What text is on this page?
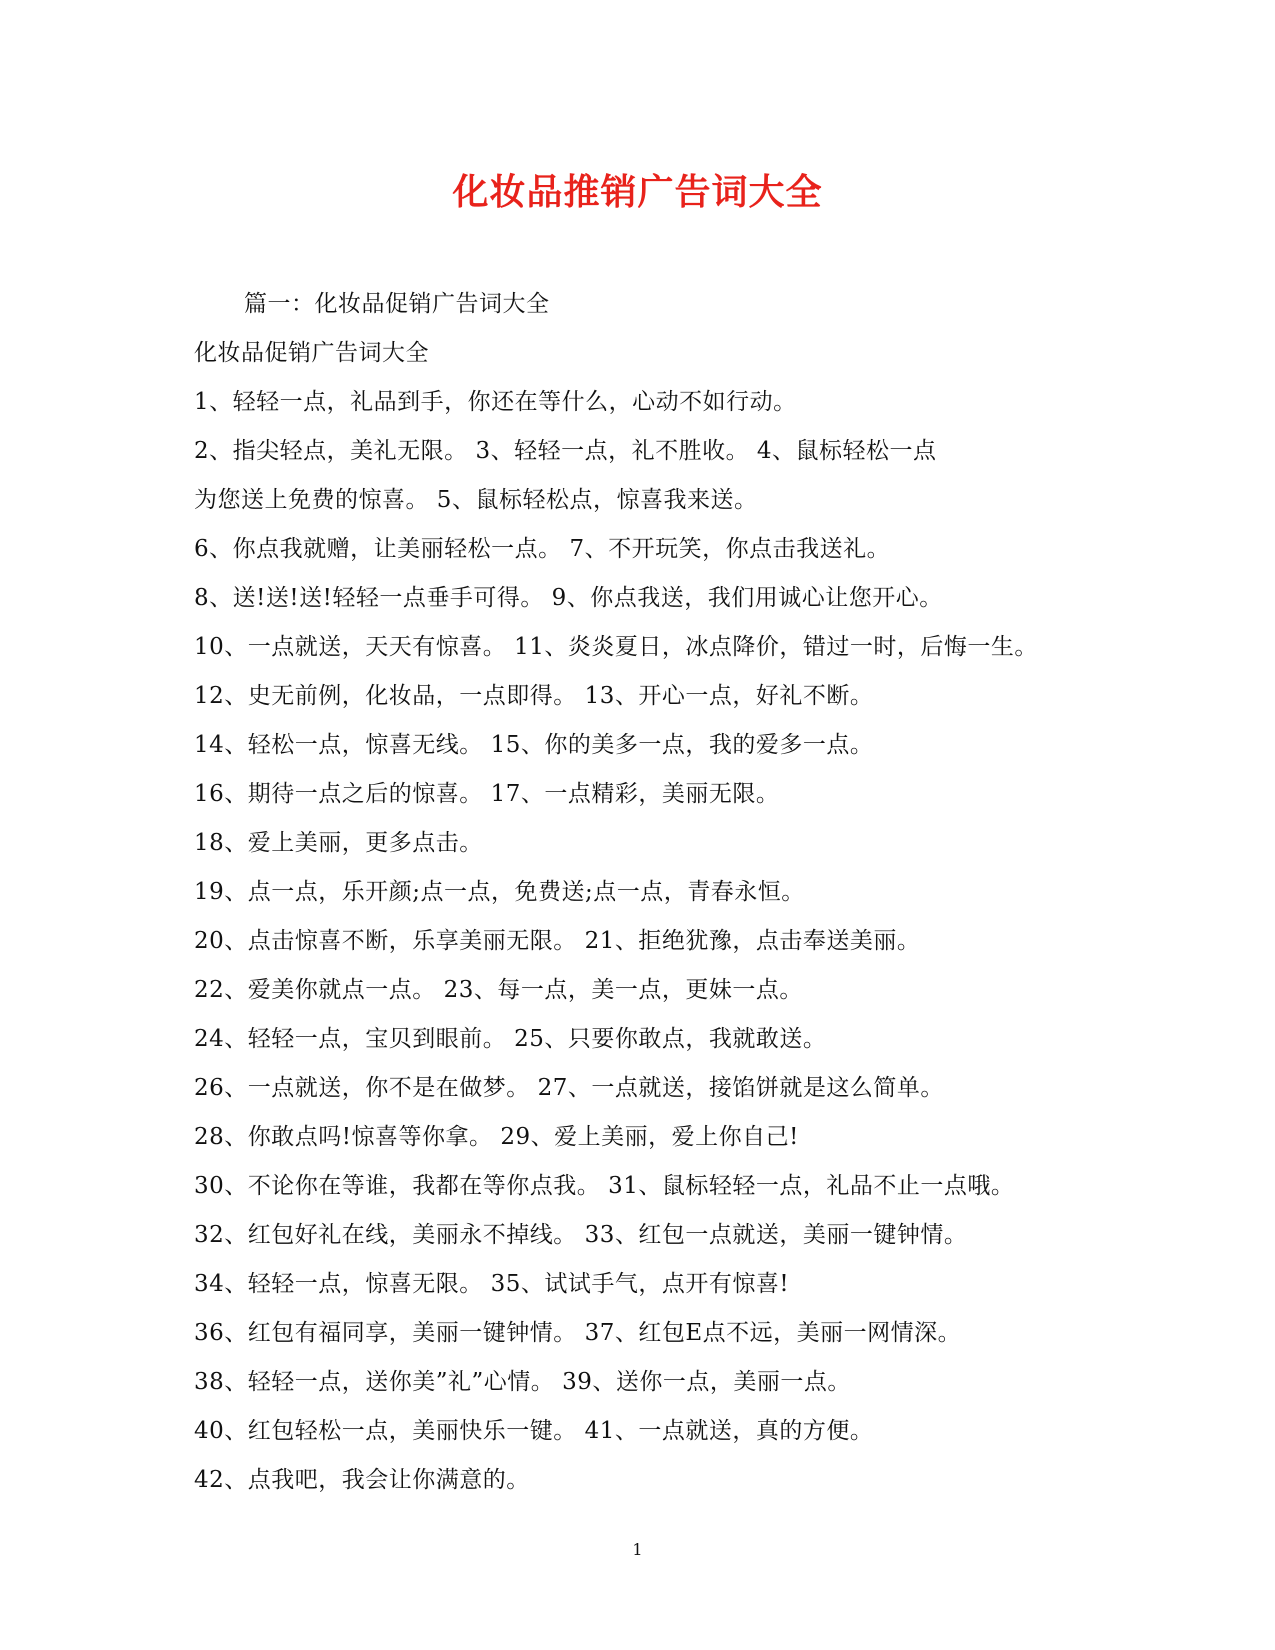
化妆品推销广告词大全
篇一：化妆品促销广告词大全
化妆品促销广告词大全
1、轻轻一点，礼品到手，你还在等什么，心动不如行动。
2、指尖轻点，美礼无限。 3、轻轻一点，礼不胜收。 4、鼠标轻松一点
为您送上免费的惊喜。 5、鼠标轻松点，惊喜我来送。
6、你点我就赠，让美丽轻松一点。 7、不开玩笑，你点击我送礼。
8、送!送!送!轻轻一点垂手可得。 9、你点我送，我们用诚心让您开心。
10、一点就送，天天有惊喜。 11、炎炎夏日，冰点降价，错过一时，后悔一生。
12、史无前例，化妆品，一点即得。 13、开心一点，好礼不断。
14、轻松一点，惊喜无线。 15、你的美多一点，我的爱多一点。
16、期待一点之后的惊喜。 17、一点精彩，美丽无限。
18、爱上美丽，更多点击。
19、点一点，乐开颜;点一点，免费送;点一点，青春永恒。
20、点击惊喜不断，乐享美丽无限。 21、拒绝犹豫，点击奉送美丽。
22、爱美你就点一点。 23、每一点，美一点，更妹一点。
24、轻轻一点，宝贝到眼前。 25、只要你敢点，我就敢送。
26、一点就送，你不是在做梦。 27、一点就送，接馅饼就是这么简单。
28、你敢点吗!惊喜等你拿。 29、爱上美丽，爱上你自己!
30、不论你在等谁，我都在等你点我。 31、鼠标轻轻一点，礼品不止一点哦。
32、红包好礼在线，美丽永不掉线。 33、红包一点就送，美丽一键钟情。
34、轻轻一点，惊喜无限。 35、试试手气，点开有惊喜!
36、红包有福同享，美丽一键钟情。 37、红包E点不远，美丽一网情深。
38、轻轻一点，送你美”礼”心情。 39、送你一点，美丽一点。
40、红包轻松一点，美丽快乐一键。 41、一点就送，真的方便。
42、点我吧，我会让你满意的。
1
